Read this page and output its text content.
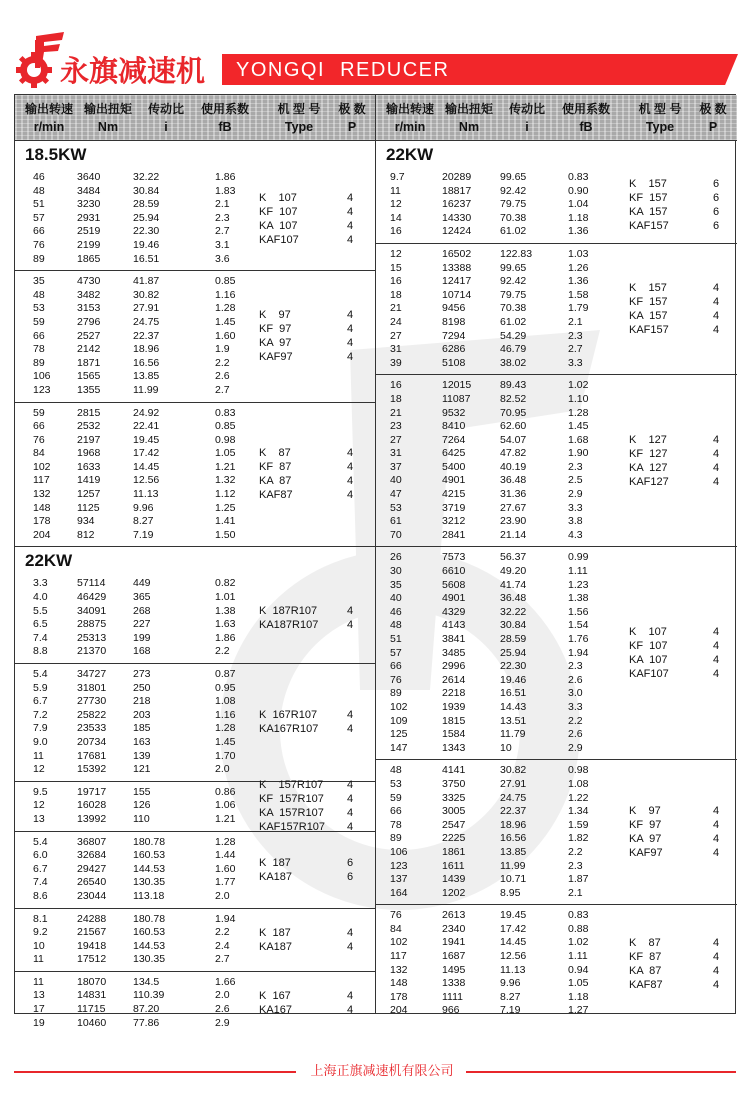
永旗减速机 YONGQI REDUCER
输出转速 输出扭矩	传动比	使用系数	机 型 号	极 数
r/min	Nm	i	fB	Type	P
18.5KW
46	3640	32.22	1.86
48	3484	30.84	1.83
51	3230	28.59	2.1
57	2931	25.94	2.3
66	2519	22.30	2.7
76	2199	19.46	3.1
89	1865	16.51	3.6
K    107	4
KF  107	4
KA  107	4
KAF107	4
35	4730	41.87	0.85
48	3482	30.82	1.16
53	3153	27.91	1.28
59	2796	24.75	1.45
66	2527	22.37	1.60
78	2142	18.96	1.9
89	1871	16.56	2.2
106	1565	13.85	2.6
123	1355	11.99	2.7
K    97	4
KF  97	4
KA  97	4
KAF97	4
59	2815	24.92	0.83
66	2532	22.41	0.85
76	2197	19.45	0.98
84	1968	17.42	1.05
102	1633	14.45	1.21
117	1419	12.56	1.32
132	1257	11.13	1.12
148	1125	9.96	1.25
178	934	8.27	1.41
204	812	7.19	1.50
K    87	4
KF  87	4
KA  87	4
KAF87	4
22KW
3.3	57114	449	0.82
4.0	46429	365	1.01
5.5	34091	268	1.38
6.5	28875	227	1.63
7.4	25313	199	1.86
8.8	21370	168	2.2
K  187R107	4
KA187R107	4
5.4	34727	273	0.87
5.9	31801	250	0.95
6.7	27730	218	1.08
7.2	25822	203	1.16
7.9	23533	185	1.28
9.0	20734	163	1.45
11	17681	139	1.70
12	15392	121	2.0
K  167R107	4
KA167R107	4
9.5	19717	155	0.86
12	16028	126	1.06
13	13992	110	1.21
K    157R107 4
KF  157R107 4
KA  157R107 4
KAF157R107 4
5.4	36807	180.78	1.28
6.0	32684	160.53	1.44
6.7	29427	144.53	1.60
7.4	26540	130.35	1.77
8.6	23044	113.18	2.0
K  187	6
KA187	6
8.1	24288	180.78	1.94
9.2	21567	160.53	2.2
10	19418	144.53	2.4
11	17512	130.35	2.7
K  187	4
KA187	4
11	18070	134.5	1.66
13	14831	110.39	2.0
17	11715	87.20	2.6
19	10460	77.86	2.9
K  167	4
KA167	4
输出转速 输出扭矩	传动比	使用系数	机 型 号	极 数
r/min	Nm	i	fB	Type	P
22KW
9.7	20289	99.65	0.83
11	18817	92.42	0.90
12	16237	79.75	1.04
14	14330	70.38	1.18
16	12424	61.02	1.36
K    157	6
KF  157	6
KA  157	6
KAF157	6
12	16502	122.83	1.03
15	13388	99.65	1.26
16	12417	92.42	1.36
18	10714	79.75	1.58
21	9456	70.38	1.79
24	8198	61.02	2.1
27	7294	54.29	2.3
31	6286	46.79	2.7
39	5108	38.02	3.3
K    157	4
KF  157	4
KA  157	4
KAF157	4
16	12015	89.43	1.02
18	11087	82.52	1.10
21	9532	70.95	1.28
23	8410	62.60	1.45
27	7264	54.07	1.68
31	6425	47.82	1.90
37	5400	40.19	2.3
40	4901	36.48	2.5
47	4215	31.36	2.9
53	3719	27.67	3.3
61	3212	23.90	3.8
70	2841	21.14	4.3
K    127	4
KF  127	4
KA  127	4
KAF127	4
26	7573	56.37	0.99
30	6610	49.20	1.11
35	5608	41.74	1.23
40	4901	36.48	1.38
46	4329	32.22	1.56
48	4143	30.84	1.54
51	3841	28.59	1.76
57	3485	25.94	1.94
66	2996	22.30	2.3
76	2614	19.46	2.6
89	2218	16.51	3.0
102	1939	14.43	3.3
109	1815	13.51	2.2
125	1584	11.79	2.6
147	1343	10	2.9
K    107	4
KF  107	4
KA  107	4
KAF107	4
48	4141	30.82	0.98
53	3750	27.91	1.08
59	3325	24.75	1.22
66	3005	22.37	1.34
78	2547	18.96	1.59
89	2225	16.56	1.82
106	1861	13.85	2.2
123	1611	11.99	2.3
137	1439	10.71	1.87
164	1202	8.95	2.1
K    97	4
KF  97	4
KA  97	4
KAF97	4
76	2613	19.45	0.83
84	2340	17.42	0.88
102	1941	14.45	1.02
117	1687	12.56	1.11
132	1495	11.13	0.94
148	1338	9.96	1.05
178	1111	8.27	1.18
204	966	7.19	1.27
K    87	4
KF  87	4
KA  87	4
KAF87	4
上海正旗减速机有限公司
